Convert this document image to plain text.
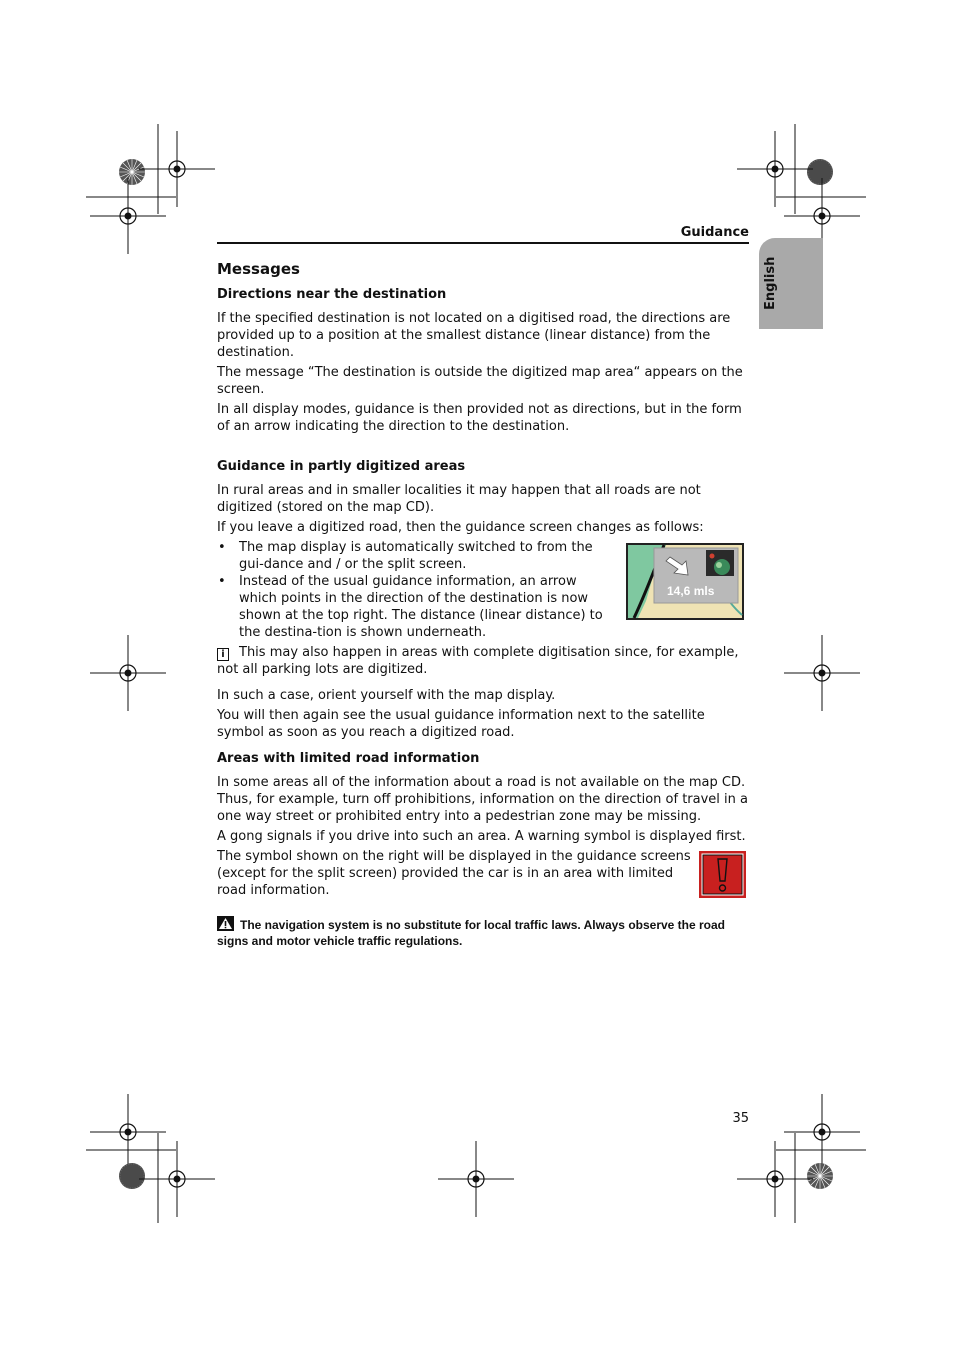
English
Guidance
Messages
Directions near the destination

If the specified destination is not located on a digitised road, the directions are provided up to a position at the smallest distance (linear distance) from the destination.

The message “The destination is outside the digitized map area“ appears on the screen.

In all display modes, guidance is then provided not as directions, but in the form of an arrow indicating the direction to the destination.

Guidance in partly digitized areas

In rural areas and in smaller localities it may happen that all roads are not digitized (stored on the map CD).

If you leave a digitized road, then the guidance screen changes as follows:

• The map display is automatically switched to from the gui-dance and / or the split screen.
• Instead of the usual guidance information, an arrow which points in the direction of the destination is now shown at the top right. The distance (linear distance) to the destina-tion is shown underneath.

i This may also happen in areas with complete digitisation since, for example, not all parking lots are digitized.

In such a case, orient yourself with the map display.

You will then again see the usual guidance information next to the satellite symbol as soon as you reach a digitized road.

Areas with limited road information

In some areas all of the information about a road is not available on the map CD. Thus, for example, turn off prohibitions, information on the direction of travel in a one way street or prohibited entry into a pedestrian zone may be missing.

A gong signals if you drive into such an area. A warning symbol is displayed first.

The symbol shown on the right will be displayed in the guidance screens (except for the split screen) provided the car is in an area with limited road information.

The navigation system is no substitute for local traffic laws. Always observe the road signs and motor vehicle traffic regulations.

14,6 mls
35
